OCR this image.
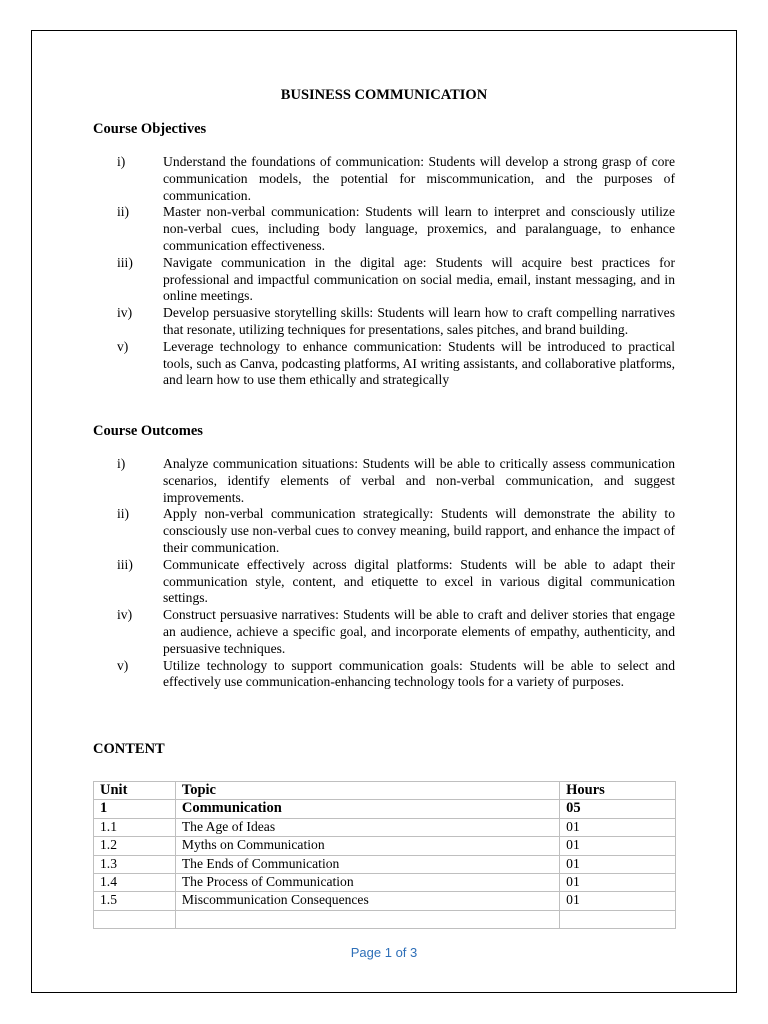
BUSINESS COMMUNICATION
Course Objectives
i)	Understand the foundations of communication: Students will develop a strong grasp of core communication models, the potential for miscommunication, and the purposes of communication.
ii)	Master non-verbal communication: Students will learn to interpret and consciously utilize non-verbal cues, including body language, proxemics, and paralanguage, to enhance communication effectiveness.
iii)	Navigate communication in the digital age: Students will acquire best practices for professional and impactful communication on social media, email, instant messaging, and in online meetings.
iv)	Develop persuasive storytelling skills: Students will learn how to craft compelling narratives that resonate, utilizing techniques for presentations, sales pitches, and brand building.
v)	Leverage technology to enhance communication: Students will be introduced to practical tools, such as Canva, podcasting platforms, AI writing assistants, and collaborative platforms, and learn how to use them ethically and strategically
Course Outcomes
i)	Analyze communication situations: Students will be able to critically assess communication scenarios, identify elements of verbal and non-verbal communication, and suggest improvements.
ii)	Apply non-verbal communication strategically: Students will demonstrate the ability to consciously use non-verbal cues to convey meaning, build rapport, and enhance the impact of their communication.
iii)	Communicate effectively across digital platforms: Students will be able to adapt their communication style, content, and etiquette to excel in various digital communication settings.
iv)	Construct persuasive narratives: Students will be able to craft and deliver stories that engage an audience, achieve a specific goal, and incorporate elements of empathy, authenticity, and persuasive techniques.
v)	Utilize technology to support communication goals: Students will be able to select and effectively use communication-enhancing technology tools for a variety of purposes.
CONTENT
Unit	Topic	Hours
1	Communication	05
1.1	The Age of Ideas	01
1.2	Myths on Communication	01
1.3	The Ends of Communication	01
1.4	The Process of Communication	01
1.5	Miscommunication Consequences	01

Page 1 of 3
